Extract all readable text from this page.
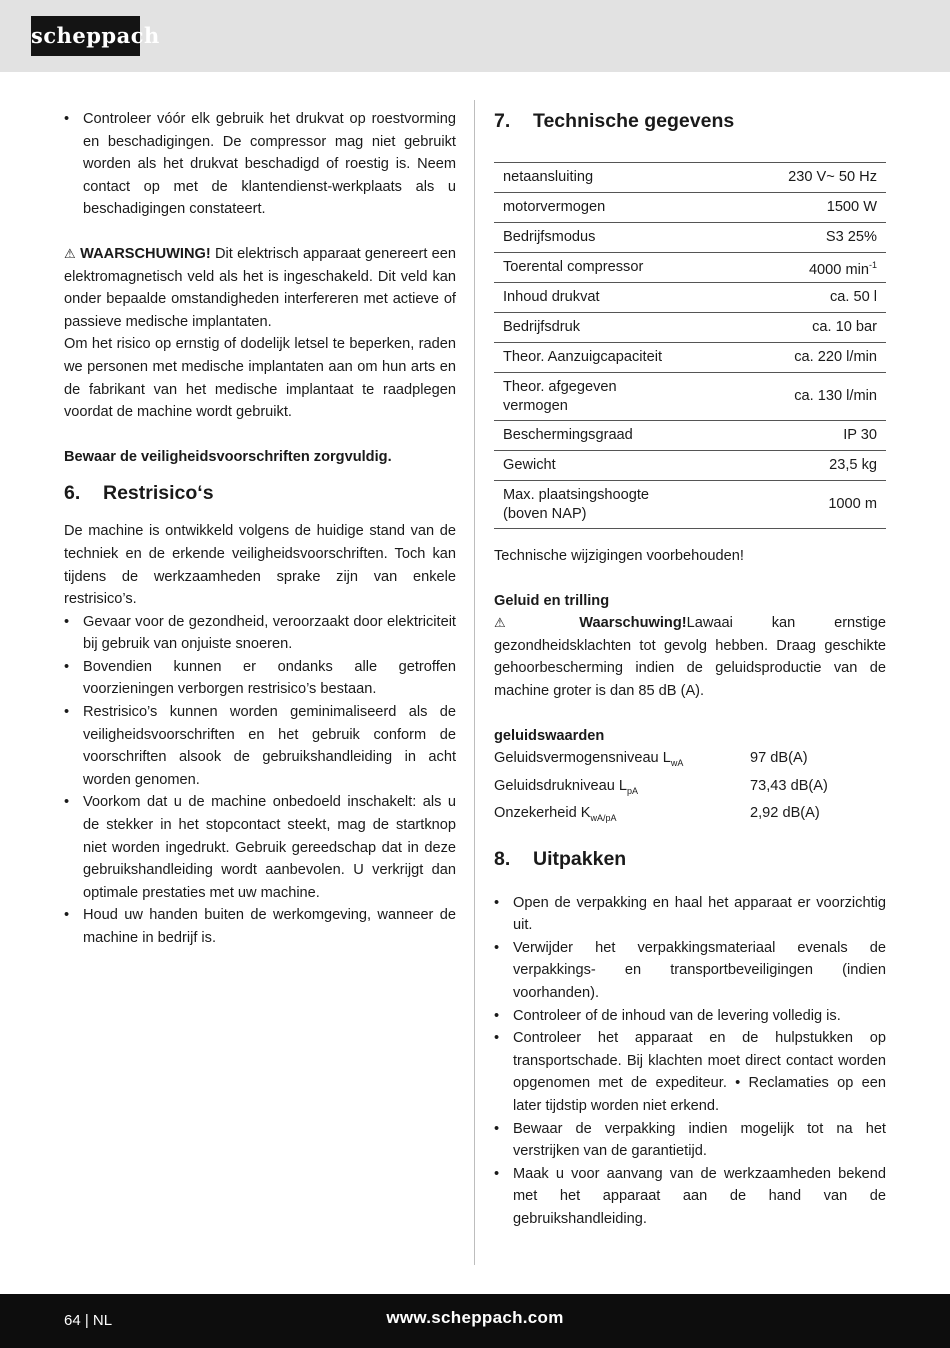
scheppach
• Controleer vóór elk gebruik het drukvat op roestvorming en beschadigingen. De compressor mag niet gebruikt worden als het drukvat beschadigd of roestig is. Neem contact op met de klantendienst-werkplaats als u beschadigingen constateert.

⚠ WAARSCHUWING! Dit elektrisch apparaat genereert een elektromagnetisch veld als het is ingeschakeld. Dit veld kan onder bepaalde omstandigheden interfereren met actieve of passieve medische implantaten.

Om het risico op ernstig of dodelijk letsel te beperken, raden we personen met medische implantaten aan om hun arts en de fabrikant van het medische implantaat te raadplegen voordat de machine wordt gebruikt.

Bewaar de veiligheidsvoorschriften zorgvuldig.

6.	Restrisico‘s

De machine is ontwikkeld volgens de huidige stand van de techniek en de erkende veiligheidsvoorschriften. Toch kan tijdens de werkzaamheden sprake zijn van enkele restrisico’s.

• Gevaar voor de gezondheid, veroorzaakt door elektriciteit bij gebruik van onjuiste snoeren.
• Bovendien kunnen er ondanks alle getroffen voorzieningen verborgen restrisico’s bestaan.
• Restrisico’s kunnen worden geminimaliseerd als de veiligheidsvoorschriften en het gebruik conform de voorschriften alsook de gebruikshandleiding in acht worden genomen.
• Voorkom dat u de machine onbedoeld inschakelt: als u de stekker in het stopcontact steekt, mag de startknop niet worden ingedrukt. Gebruik gereedschap dat in deze gebruikshandleiding wordt aanbevolen. U verkrijgt dan optimale prestaties met uw machine.
• Houd uw handen buiten de werkomgeving, wanneer de machine in bedrijf is.
7.	Technische gegevens
netaansluiting	230 V~ 50 Hz
motorvermogen	1500 W
Bedrijfsmodus	S3 25%
Toerental compressor	4000 $\min^{-1}$
Inhoud drukvat	ca. 50 l
Bedrijfsdruk	ca. 10 bar
Theor. Aanzuigcapaciteit	ca. 220 l/min
Theor. afgegeven vermogen	ca. 130 l/min
Beschermingsgraad	IP 30
Gewicht	23,5 kg
Max. plaatsingshoogte (boven NAP)	1000 m

Technische wijzigingen voorbehouden!

Geluid en trilling

⚠	Waarschuwing!Lawaai kan ernstige gezondheidsklachten tot gevolg hebben. Draag geschikte gehoorbescherming indien de geluidsproductie van de machine groter is dan 85 dB (A).

geluidswaarden

Geluidsvermogensniveau $L_{wA}$	97 dB(A)
Geluidsdrukniveau $L_{pA}$	73,43 dB(A)
Onzekerheid $K_{wA/pA}$	2,92 dB(A)
8.	Uitpakken
• Open de verpakking en haal het apparaat er voorzichtig uit.
• Verwijder het verpakkingsmateriaal evenals de verpakkings- en transportbeveiligingen (indien voorhanden).
• Controleer of de inhoud van de levering volledig is.
• Controleer het apparaat en de hulpstukken op transportschade. Bij klachten moet direct contact worden opgenomen met de expediteur. • Reclamaties op een later tijdstip worden niet erkend.
• Bewaar de verpakking indien mogelijk tot na het verstrijken van de garantietijd.
• Maak u voor aanvang van de werkzaamheden bekend met het apparaat aan de hand van de gebruikshandleiding.
64 | NL	www.scheppach.com
